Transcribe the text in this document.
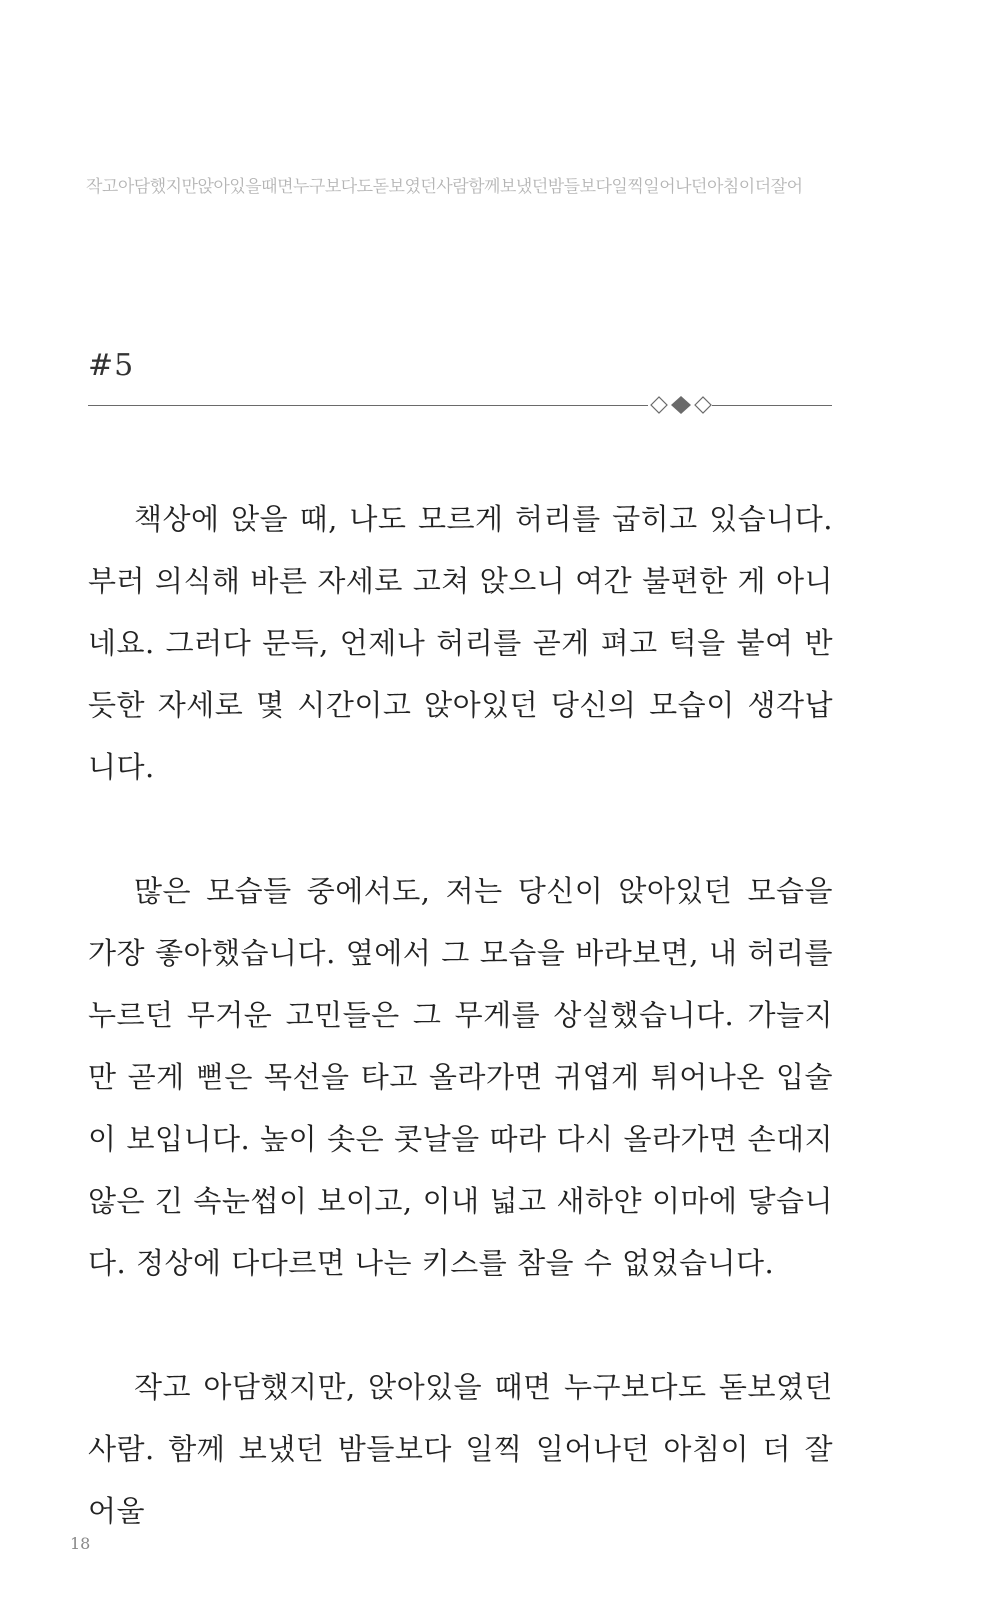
작고아담했지만앉아있을때면누구보다도돋보였던사람함께보냈던밤들보다일찍일어나던아침이더잘어
#5

책상에 앉을 때, 나도 모르게 허리를 굽히고 있습니다. 부러 의식해 바른 자세로 고쳐 앉으니 여간 불편한 게 아니네요. 그러다 문득, 언제나 허리를 곧게 펴고 턱을 붙여 반듯한 자세로 몇 시간이고 앉아있던 당신의 모습이 생각납니다.

많은 모습들 중에서도, 저는 당신이 앉아있던 모습을 가장 좋아했습니다. 옆에서 그 모습을 바라보면, 내 허리를 누르던 무거운 고민들은 그 무게를 상실했습니다. 가늘지만 곧게 뻗은 목선을 타고 올라가면 귀엽게 튀어나온 입술이 보입니다. 높이 솟은 콧날을 따라 다시 올라가면 손대지 않은 긴 속눈썹이 보이고, 이내 넓고 새하얀 이마에 닿습니다. 정상에 다다르면 나는 키스를 참을 수 없었습니다.

작고 아담했지만, 앉아있을 때면 누구보다도 돋보였던 사람. 함께 보냈던 밤들보다 일찍 일어나던 아침이 더 잘 어울

18
